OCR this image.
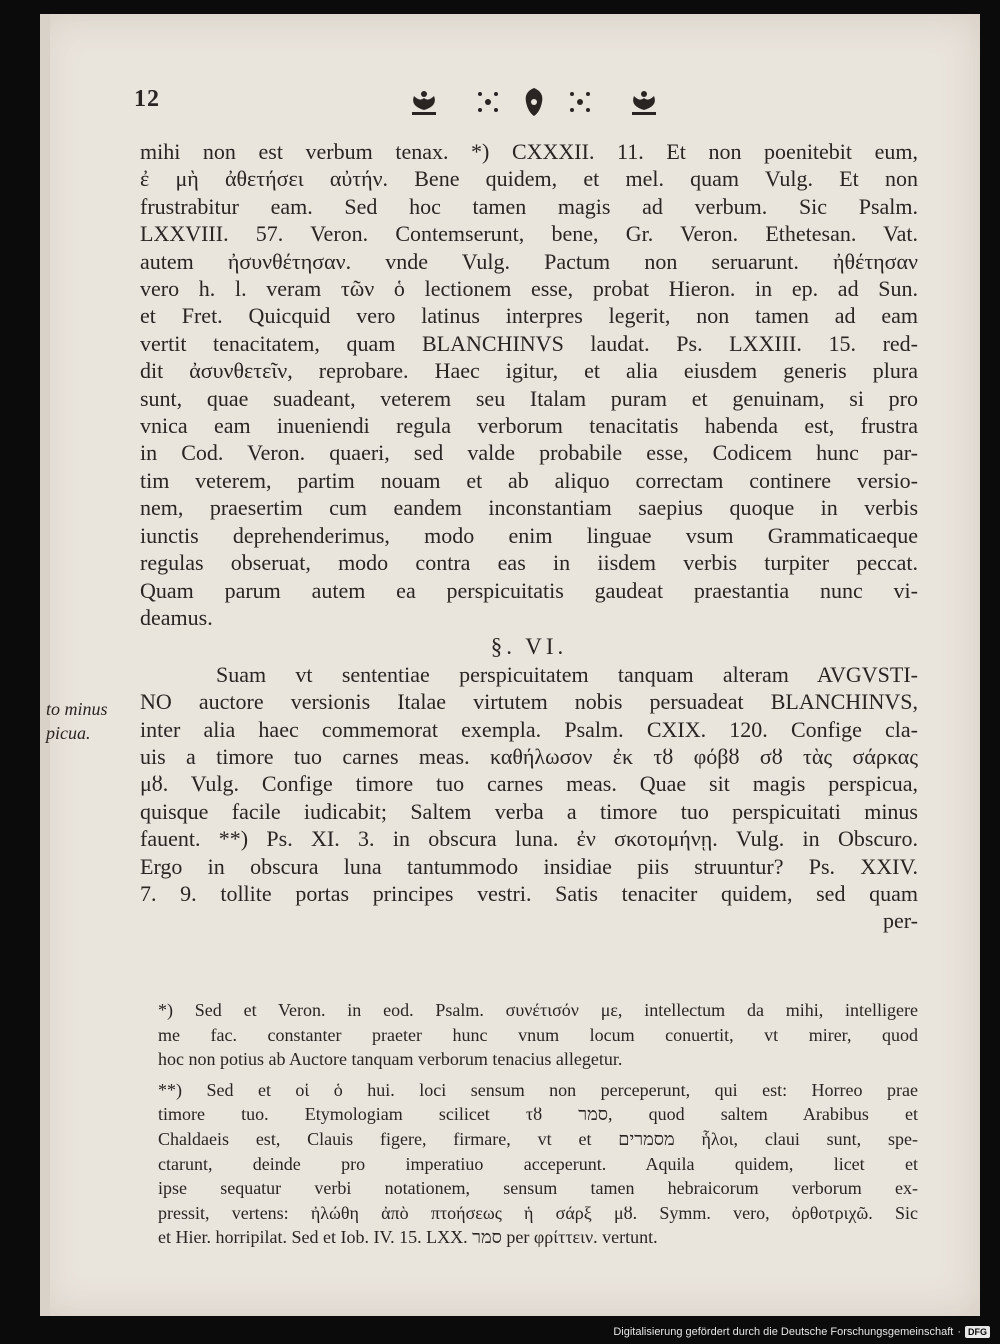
12
to minus
picua.
mihi non est verbum tenax. *) CXXXII. 11. Et non poenitebit eum,
ἐ μὴ ἀθετήσει αὐτήν. Bene quidem, et mel. quam Vulg. Et non
frustrabitur eam. Sed hoc tamen magis ad verbum. Sic Psalm.
LXXVIII. 57. Veron. Contemserunt, bene, Gr. Veron. Ethetesan. Vat.
autem ἠσυνθέτησαν. vnde Vulg. Pactum non seruarunt. ἠθέτησαν
vero h. l. veram τῶν ὁ lectionem esse, probat Hieron. in ep. ad Sun.
et Fret. Quicquid vero latinus interpres legerit, non tamen ad eam
vertit tenacitatem, quam BLANCHINVS laudat. Ps. LXXIII. 15. red-
dit ἀσυνθετεῖν, reprobare. Haec igitur, et alia eiusdem generis plura
sunt, quae suadeant, veterem seu Italam puram et genuinam, si pro
vnica eam inueniendi regula verborum tenacitatis habenda est, frustra
in Cod. Veron. quaeri, sed valde probabile esse, Codicem hunc par-
tim veterem, partim nouam et ab aliquo correctam continere versio-
nem, praesertim cum eandem inconstantiam saepius quoque in verbis
iunctis deprehenderimus, modo enim linguae vsum Grammaticaeque
regulas obseruat, modo contra eas in iisdem verbis turpiter peccat.
Quam parum autem ea perspicuitatis gaudeat praestantia nunc vi-
deamus.
§. VI.
Suam vt sententiae perspicuitatem tanquam alteram AVGVSTI-
NO auctore versionis Italae virtutem nobis persuadeat BLANCHINVS,
inter alia haec commemorat exempla. Psalm. CXIX. 120. Confige cla-
uis a timore tuo carnes meas. καθήλωσον ἐκ τȣ φόβȣ σȣ τὰς σάρκας
μȣ. Vulg. Confige timore tuo carnes meas. Quae sit magis perspicua,
quisque facile iudicabit; Saltem verba a timore tuo perspicuitati minus
fauent. **) Ps. XI. 3. in obscura luna. ἐν σκοτομήνῃ. Vulg. in Obscuro.
Ergo in obscura luna tantummodo insidiae piis struuntur? Ps. XXIV.
7. 9. tollite portas principes vestri. Satis tenaciter quidem, sed quam
per-
*) Sed et Veron. in eod. Psalm. συνέτισόν με, intellectum da mihi, intelligere
me fac. constanter praeter hunc vnum locum conuertit, vt mirer, quod
hoc non potius ab Auctore tanquam verborum tenacius allegetur.
**) Sed et οἱ ὁ hui. loci sensum non perceperunt, qui est: Horreo prae
timore tuo. Etymologiam scilicet τȣ סמר, quod saltem Arabibus et
Chaldaeis est, Clauis figere, firmare, vt et מסמרים ἧλοι, claui sunt, spe-
ctarunt, deinde pro imperatiuo acceperunt. Aquila quidem, licet et
ipse sequatur verbi notationem, sensum tamen hebraicorum verborum ex-
pressit, vertens: ἠλώθη ἀπὸ πτοήσεως ἡ σάρξ μȣ. Symm. vero, ὀρθοτριχῶ. Sic
et Hier. horripilat. Sed et Iob. IV. 15. LXX. סמר per φρίττειν. vertunt.
Digitalisierung gefördert durch die Deutsche Forschungsgemeinschaft · DFG
